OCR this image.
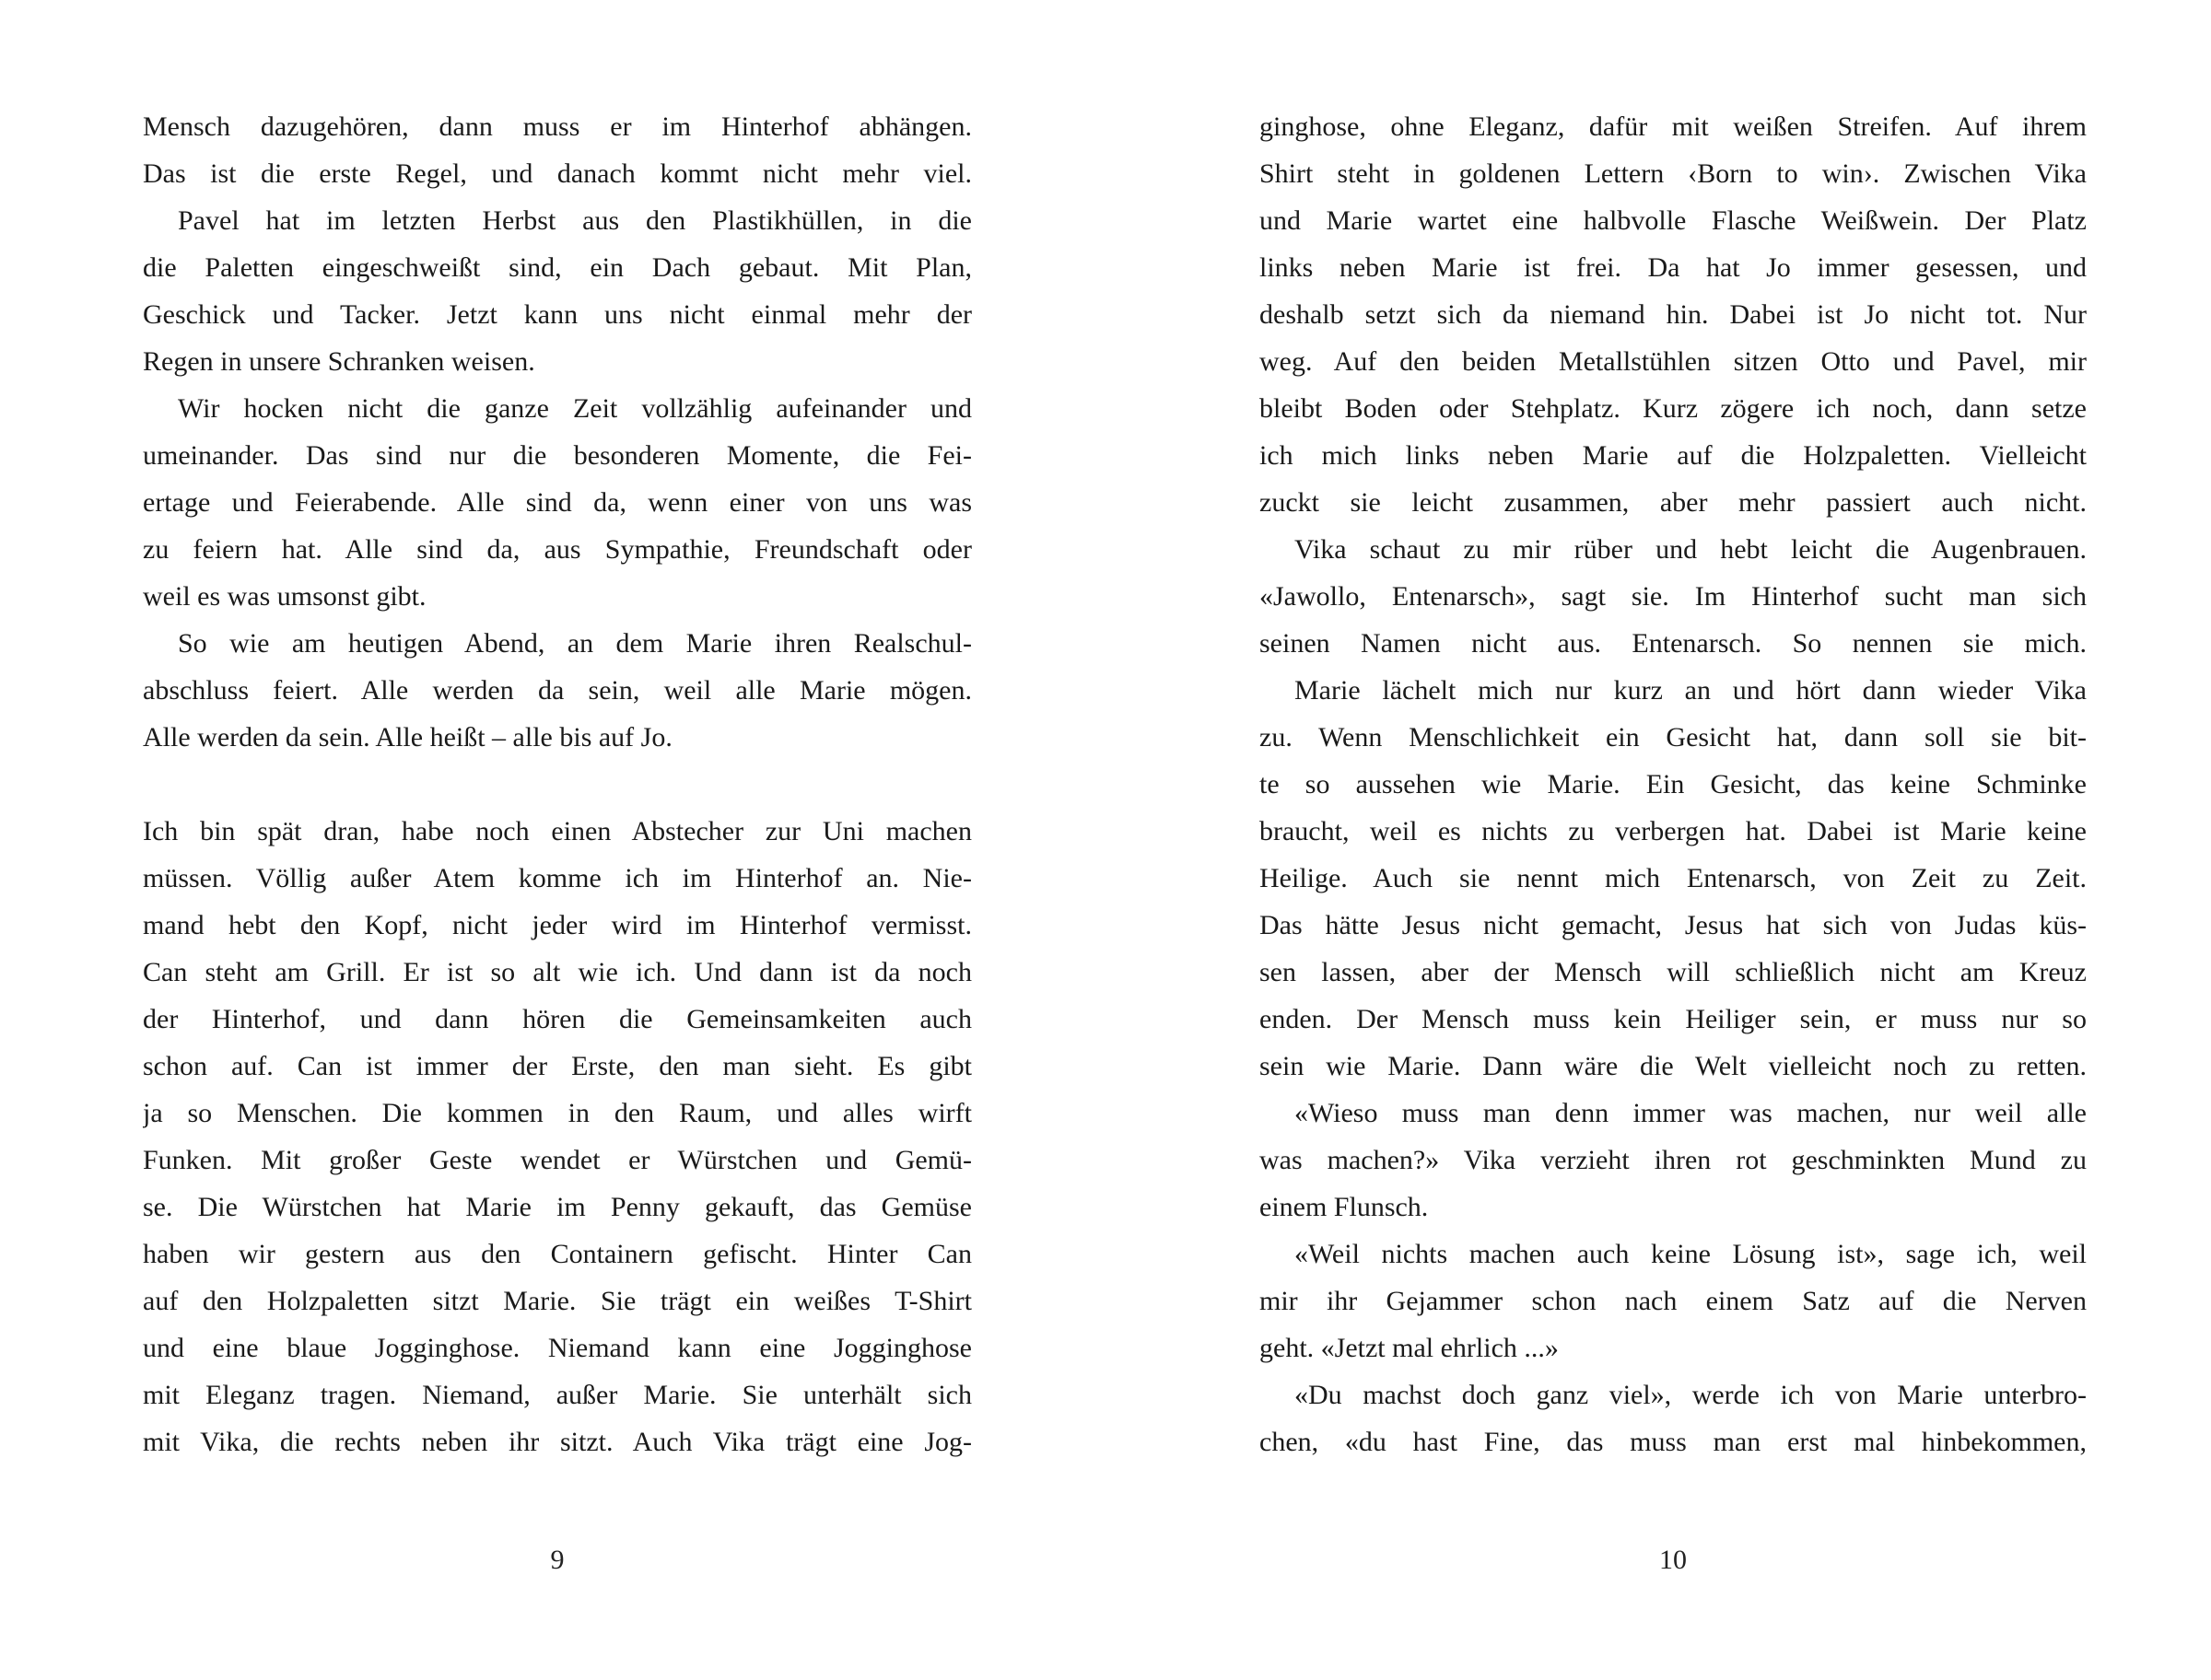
Mensch dazugehören, dann muss er im Hinterhof abhängen.
Das ist die erste Regel, und danach kommt nicht mehr viel.
Pavel hat im letzten Herbst aus den Plastikhüllen, in die
die Paletten eingeschweißt sind, ein Dach gebaut. Mit Plan,
Geschick und Tacker. Jetzt kann uns nicht einmal mehr der
Regen in unsere Schranken weisen.
Wir hocken nicht die ganze Zeit vollzählig aufeinander und
umeinander. Das sind nur die besonderen Momente, die Fei-
ertage und Feierabende. Alle sind da, wenn einer von uns was
zu feiern hat. Alle sind da, aus Sympathie, Freundschaft oder
weil es was umsonst gibt.
So wie am heutigen Abend, an dem Marie ihren Realschul-
abschluss feiert. Alle werden da sein, weil alle Marie mögen.
Alle werden da sein. Alle heißt – alle bis auf Jo.
Ich bin spät dran, habe noch einen Abstecher zur Uni machen
müssen. Völlig außer Atem komme ich im Hinterhof an. Nie-
mand hebt den Kopf, nicht jeder wird im Hinterhof vermisst.
Can steht am Grill. Er ist so alt wie ich. Und dann ist da noch
der Hinterhof, und dann hören die Gemeinsamkeiten auch
schon auf. Can ist immer der Erste, den man sieht. Es gibt
ja so Menschen. Die kommen in den Raum, und alles wirft
Funken. Mit großer Geste wendet er Würstchen und Gemü-
se. Die Würstchen hat Marie im Penny gekauft, das Gemüse
haben wir gestern aus den Containern gefischt. Hinter Can
auf den Holzpaletten sitzt Marie. Sie trägt ein weißes T-Shirt
und eine blaue Jogginghose. Niemand kann eine Jogginghose
mit Eleganz tragen. Niemand, außer Marie. Sie unterhält sich
mit Vika, die rechts neben ihr sitzt. Auch Vika trägt eine Jog-
9
ginghose, ohne Eleganz, dafür mit weißen Streifen. Auf ihrem
Shirt steht in goldenen Lettern ‹Born to win›. Zwischen Vika
und Marie wartet eine halbvolle Flasche Weißwein. Der Platz
links neben Marie ist frei. Da hat Jo immer gesessen, und
deshalb setzt sich da niemand hin. Dabei ist Jo nicht tot. Nur
weg. Auf den beiden Metallstühlen sitzen Otto und Pavel, mir
bleibt Boden oder Stehplatz. Kurz zögere ich noch, dann setze
ich mich links neben Marie auf die Holzpaletten. Vielleicht
zuckt sie leicht zusammen, aber mehr passiert auch nicht.
Vika schaut zu mir rüber und hebt leicht die Augenbrauen.
«Jawollo, Entenarsch», sagt sie. Im Hinterhof sucht man sich
seinen Namen nicht aus. Entenarsch. So nennen sie mich.
Marie lächelt mich nur kurz an und hört dann wieder Vika
zu. Wenn Menschlichkeit ein Gesicht hat, dann soll sie bit-
te so aussehen wie Marie. Ein Gesicht, das keine Schminke
braucht, weil es nichts zu verbergen hat. Dabei ist Marie keine
Heilige. Auch sie nennt mich Entenarsch, von Zeit zu Zeit.
Das hätte Jesus nicht gemacht, Jesus hat sich von Judas küs-
sen lassen, aber der Mensch will schließlich nicht am Kreuz
enden. Der Mensch muss kein Heiliger sein, er muss nur so
sein wie Marie. Dann wäre die Welt vielleicht noch zu retten.
«Wieso muss man denn immer was machen, nur weil alle
was machen?» Vika verzieht ihren rot geschminkten Mund zu
einem Flunsch.
«Weil nichts machen auch keine Lösung ist», sage ich, weil
mir ihr Gejammer schon nach einem Satz auf die Nerven
geht. «Jetzt mal ehrlich ...»
«Du machst doch ganz viel», werde ich von Marie unterbro-
chen, «du hast Fine, das muss man erst mal hinbekommen,
10
